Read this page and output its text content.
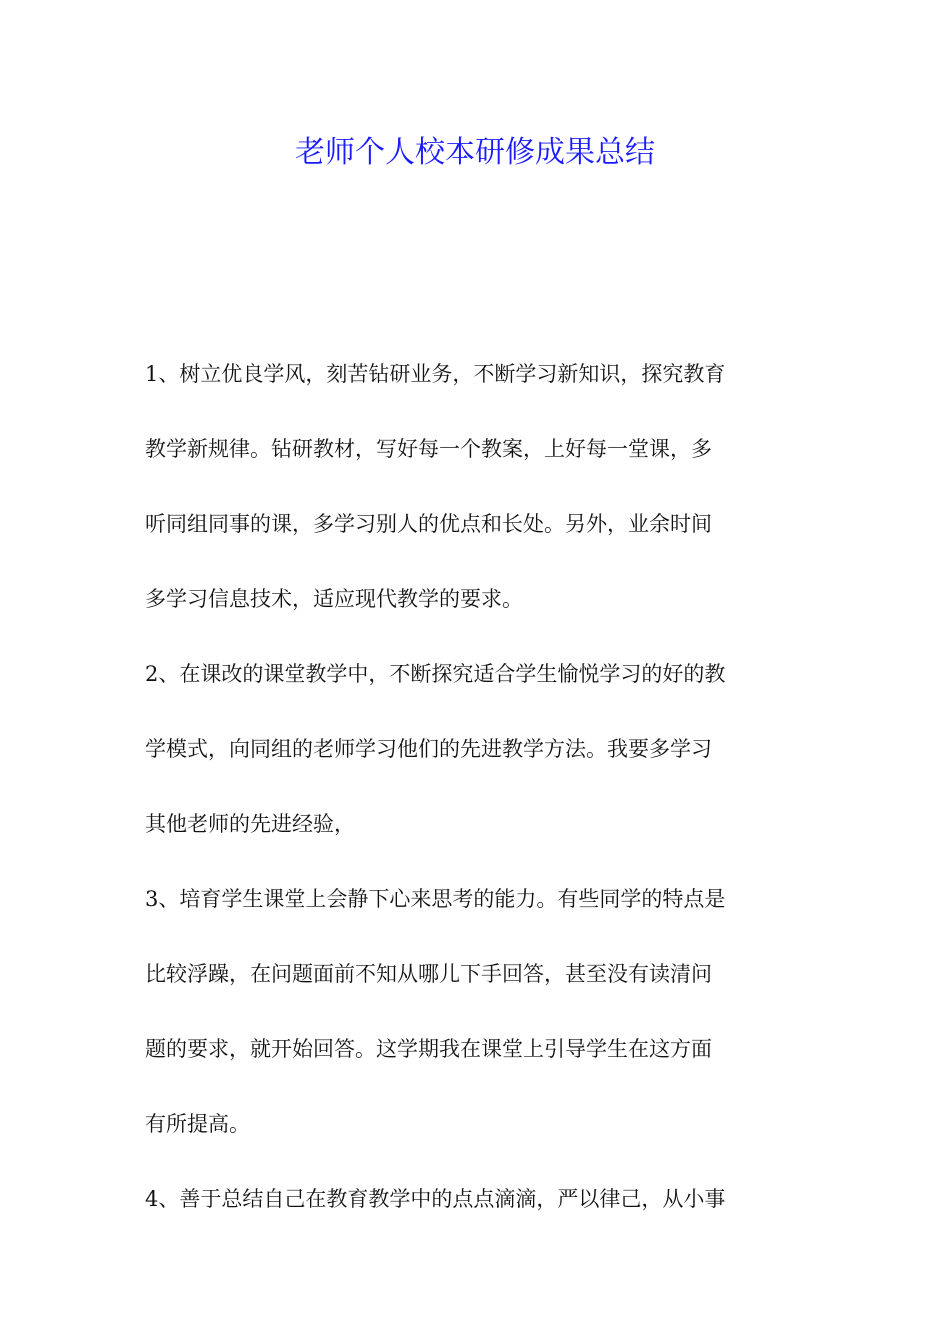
老师个人校本研修成果总结

1、树立优良学风，刻苦钻研业务，不断学习新知识，探究教育
教学新规律。钻研教材，写好每一个教案，上好每一堂课，多
听同组同事的课，多学习别人的优点和长处。另外，业余时间
多学习信息技术，适应现代教学的要求。

2、在课改的课堂教学中，不断探究适合学生愉悦学习的好的教
学模式，向同组的老师学习他们的先进教学方法。我要多学习
其他老师的先进经验，

3、培育学生课堂上会静下心来思考的能力。有些同学的特点是
比较浮躁，在问题面前不知从哪儿下手回答，甚至没有读清问
题的要求，就开始回答。这学期我在课堂上引导学生在这方面
有所提高。

4、善于总结自己在教育教学中的点点滴滴，严以律己，从小事
